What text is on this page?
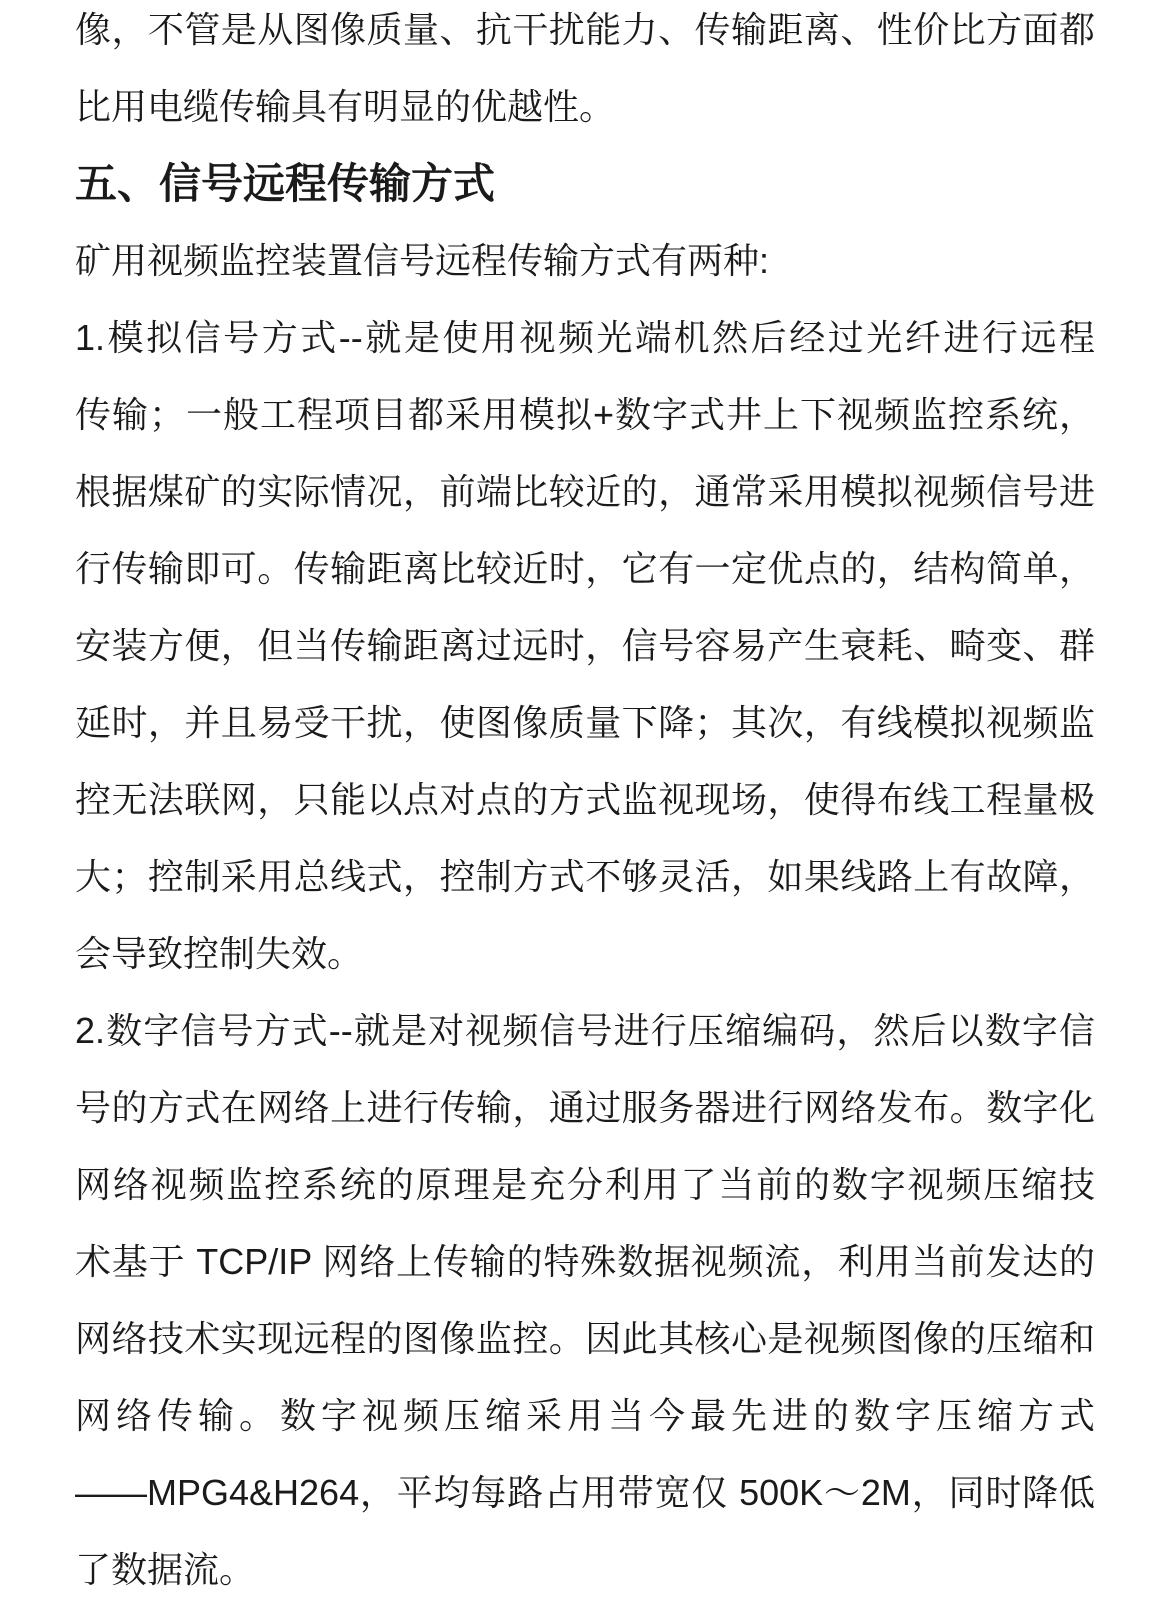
像，不管是从图像质量、抗干扰能力、传输距离、性价比方面都
比用电缆传输具有明显的优越性。
五、信号远程传输方式
矿用视频监控装置信号远程传输方式有两种:
1.模拟信号方式--就是使用视频光端机然后经过光纤进行远程
传输；一般工程项目都采用模拟+数字式井上下视频监控系统，
根据煤矿的实际情况，前端比较近的，通常采用模拟视频信号进
行传输即可。传输距离比较近时，它有一定优点的，结构简单，
安装方便，但当传输距离过远时，信号容易产生衰耗、畸变、群
延时，并且易受干扰，使图像质量下降；其次，有线模拟视频监
控无法联网，只能以点对点的方式监视现场，使得布线工程量极
大；控制采用总线式，控制方式不够灵活，如果线路上有故障，
会导致控制失效。
2.数字信号方式--就是对视频信号进行压缩编码，然后以数字信
号的方式在网络上进行传输，通过服务器进行网络发布。数字化
网络视频监控系统的原理是充分利用了当前的数字视频压缩技
术基于 TCP/IP 网络上传输的特殊数据视频流，利用当前发达的
网络技术实现远程的图像监控。因此其核心是视频图像的压缩和
网络传输。数字视频压缩采用当今最先进的数字压缩方式
——MPG4&H264，平均每路占用带宽仅 500K～2M，同时降低
了数据流。
